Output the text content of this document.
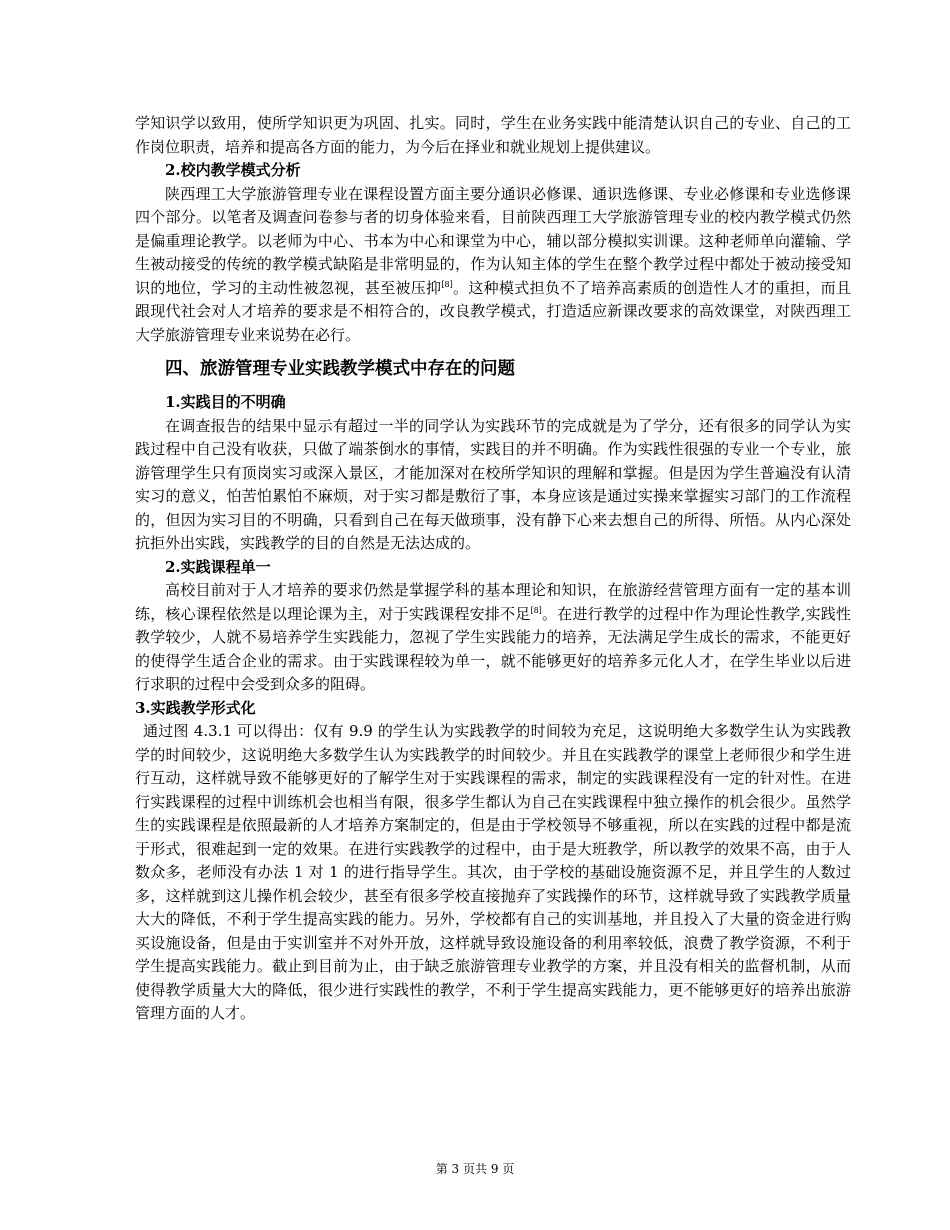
学知识学以致用，使所学知识更为巩固、扎实。同时，学生在业务实践中能清楚认识自己的专业、自己的工作岗位职责，培养和提高各方面的能力，为今后在择业和就业规划上提供建议。

2.校内教学模式分析

陕西理工大学旅游管理专业在课程设置方面主要分通识必修课、通识选修课、专业必修课和专业选修课四个部分。以笔者及调查问卷参与者的切身体验来看，目前陕西理工大学旅游管理专业的校内教学模式仍然是偏重理论教学。以老师为中心、书本为中心和课堂为中心，辅以部分模拟实训课。这种老师单向灌输、学生被动接受的传统的教学模式缺陷是非常明显的，作为认知主体的学生在整个教学过程中都处于被动接受知识的地位，学习的主动性被忽视，甚至被压抑[8]。这种模式担负不了培养高素质的创造性人才的重担，而且跟现代社会对人才培养的要求是不相符合的，改良教学模式，打造适应新课改要求的高效课堂，对陕西理工大学旅游管理专业来说势在必行。

四、旅游管理专业实践教学模式中存在的问题
1.实践目的不明确

在调查报告的结果中显示有超过一半的同学认为实践环节的完成就是为了学分，还有很多的同学认为实践过程中自己没有收获，只做了端茶倒水的事情，实践目的并不明确。作为实践性很强的专业一个专业，旅游管理学生只有顶岗实习或深入景区，才能加深对在校所学知识的理解和掌握。但是因为学生普遍没有认清实习的意义，怕苦怕累怕不麻烦，对于实习都是敷衍了事，本身应该是通过实操来掌握实习部门的工作流程的，但因为实习目的不明确，只看到自己在每天做琐事，没有静下心来去想自己的所得、所悟。从内心深处抗拒外出实践，实践教学的目的自然是无法达成的。

2.实践课程单一

高校目前对于人才培养的要求仍然是掌握学科的基本理论和知识，在旅游经营管理方面有一定的基本训练，核心课程依然是以理论课为主，对于实践课程安排不足[8]。在进行教学的过程中作为理论性教学,实践性教学较少，人就不易培养学生实践能力，忽视了学生实践能力的培养，无法满足学生成长的需求，不能更好的使得学生适合企业的需求。由于实践课程较为单一，就不能够更好的培养多元化人才，在学生毕业以后进行求职的过程中会受到众多的阻碍。

3.实践教学形式化

通过图 4.3.1 可以得出：仅有 9.9 的学生认为实践教学的时间较为充足，这说明绝大多数学生认为实践教学的时间较少，这说明绝大多数学生认为实践教学的时间较少。并且在实践教学的课堂上老师很少和学生进行互动，这样就导致不能够更好的了解学生对于实践课程的需求，制定的实践课程没有一定的针对性。在进行实践课程的过程中训练机会也相当有限，很多学生都认为自己在实践课程中独立操作的机会很少。虽然学生的实践课程是依照最新的人才培养方案制定的，但是由于学校领导不够重视，所以在实践的过程中都是流于形式，很难起到一定的效果。在进行实践教学的过程中，由于是大班教学，所以教学的效果不高，由于人数众多，老师没有办法 1 对 1 的进行指导学生。其次，由于学校的基础设施资源不足，并且学生的人数过多，这样就到这儿操作机会较少，甚至有很多学校直接抛弃了实践操作的环节，这样就导致了实践教学质量大大的降低，不利于学生提高实践的能力。另外，学校都有自己的实训基地，并且投入了大量的资金进行购买设施设备，但是由于实训室并不对外开放，这样就导致设施设备的利用率较低，浪费了教学资源，不利于学生提高实践能力。截止到目前为止，由于缺乏旅游管理专业教学的方案，并且没有相关的监督机制，从而使得教学质量大大的降低，很少进行实践性的教学，不利于学生提高实践能力，更不能够更好的培养出旅游管理方面的人才。

第 3 页共 9 页
